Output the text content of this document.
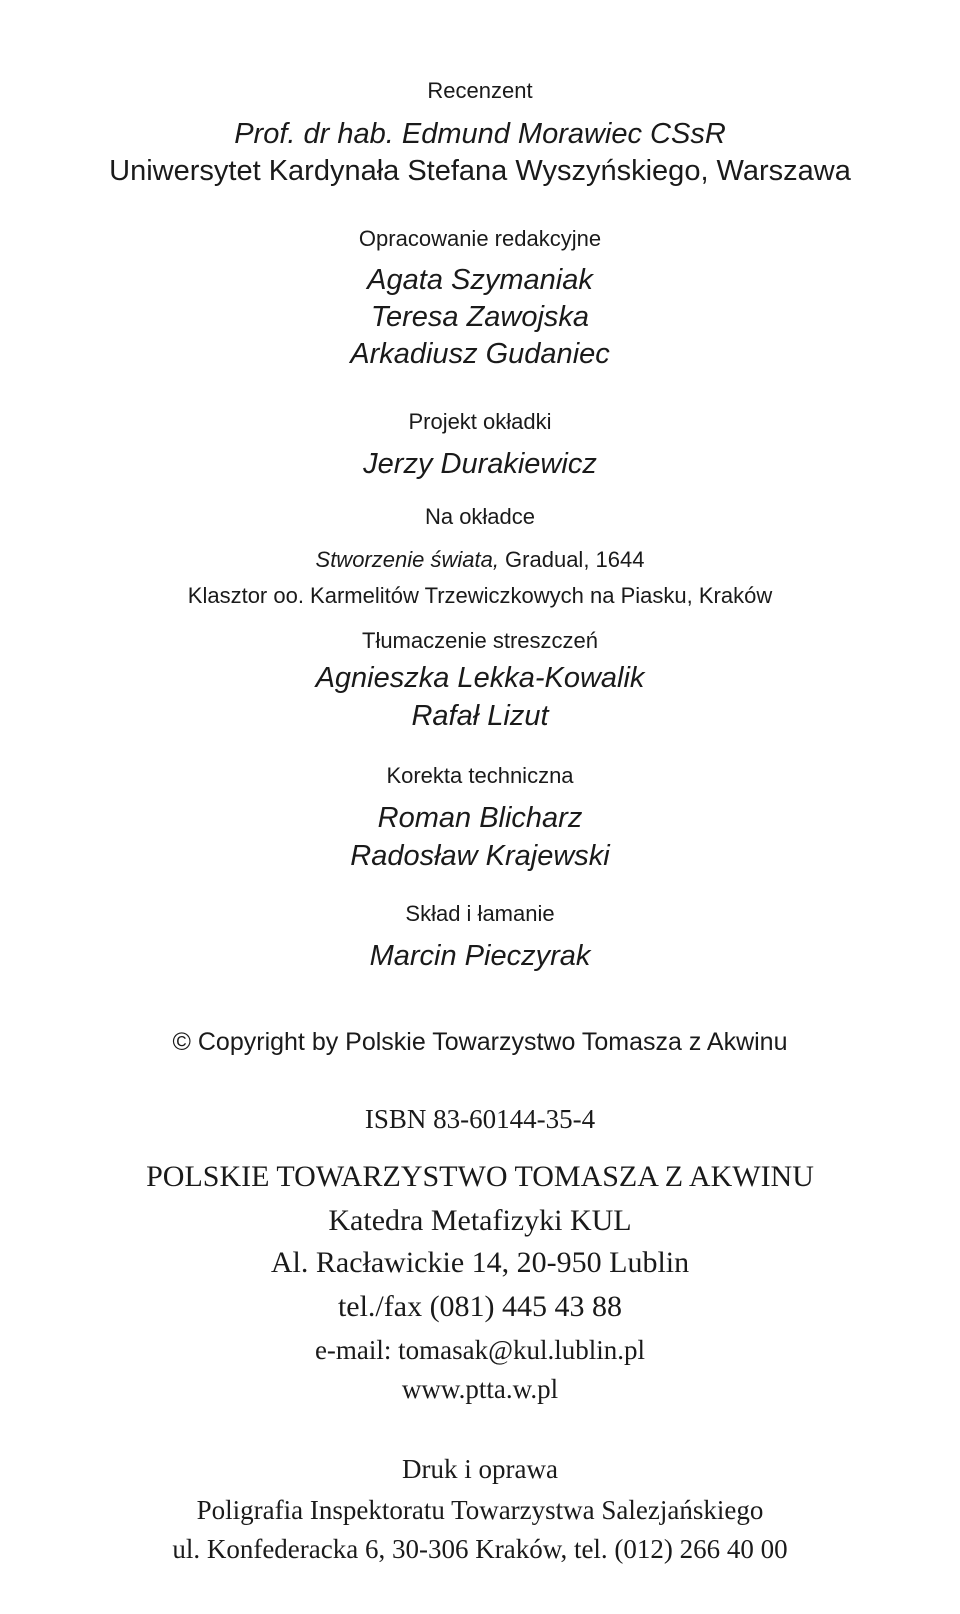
Recenzent
Prof. dr hab. Edmund Morawiec CSsR
Uniwersytet Kardynała Stefana Wyszyńskiego, Warszawa
Opracowanie redakcyjne
Agata Szymaniak
Teresa Zawojska
Arkadiusz Gudaniec
Projekt okładki
Jerzy Durakiewicz
Na okładce
Stworzenie świata, Gradual, 1644
Klasztor oo. Karmelitów Trzewiczkowych na Piasku, Kraków
Tłumaczenie streszczeń
Agnieszka Lekka-Kowalik
Rafał Lizut
Korekta techniczna
Roman Blicharz
Radosław Krajewski
Skład i łamanie
Marcin Pieczyrak
© Copyright by Polskie Towarzystwo Tomasza z Akwinu
ISBN 83-60144-35-4
POLSKIE TOWARZYSTWO TOMASZA Z AKWINU
Katedra Metafizyki KUL
Al. Racławickie 14, 20-950 Lublin
tel./fax (081) 445 43 88
e-mail: tomasak@kul.lublin.pl
www.ptta.w.pl
Druk i oprawa
Poligrafia Inspektoratu Towarzystwa Salezjańskiego
ul. Konfederacka 6, 30-306 Kraków, tel. (012) 266 40 00
